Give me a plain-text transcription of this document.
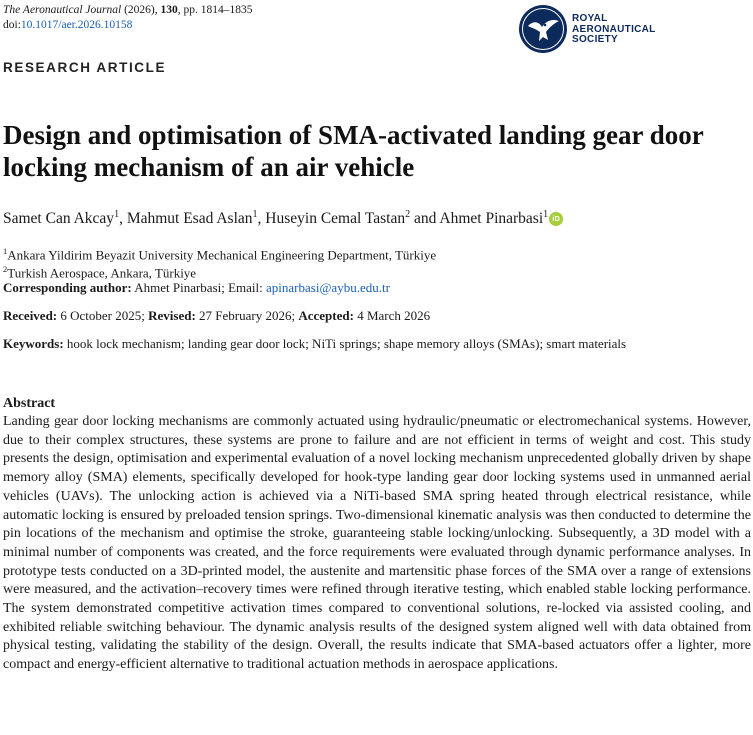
The Aeronautical Journal (2026), 130, pp. 1814–1835
doi:10.1017/aer.2026.10158
ROYAL
AERONAUTICAL
SOCIETY
RESEARCH ARTICLE
Design and optimisation of SMA-activated landing gear door locking mechanism of an air vehicle
Samet Can Akcay$^1$, Mahmut Esad Aslan$^1$, Huseyin Cemal Tastan$^2$ and Ahmet Pinarbasi$^1$ iD
$^1$Ankara Yildirim Beyazit University Mechanical Engineering Department, Türkiye
$^2$Turkish Aerospace, Ankara, Türkiye
Corresponding author: Ahmet Pinarbasi; Email: apinarbasi@aybu.edu.tr
Received: 6 October 2025; Revised: 27 February 2026; Accepted: 4 March 2026
Keywords: hook lock mechanism; landing gear door lock; NiTi springs; shape memory alloys (SMAs); smart materials
Abstract
Landing gear door locking mechanisms are commonly actuated using hydraulic/pneumatic or electromechanical systems. However, due to their complex structures, these systems are prone to failure and are not efficient in terms of weight and cost. This study presents the design, optimisation and experimental evaluation of a novel locking mechanism unprecedented globally driven by shape memory alloy (SMA) elements, specifically developed for hook-type landing gear door locking systems used in unmanned aerial vehicles (UAVs). The unlocking action is achieved via a NiTi-based SMA spring heated through electrical resistance, while automatic locking is ensured by preloaded tension springs. Two-dimensional kinematic analysis was then conducted to determine the pin locations of the mechanism and optimise the stroke, guaranteeing stable locking/unlocking. Subsequently, a 3D model with a minimal number of components was created, and the force requirements were evaluated through dynamic performance analyses. In prototype tests conducted on a 3D-printed model, the austenite and martensitic phase forces of the SMA over a range of extensions were measured, and the activation–recovery times were refined through iterative testing, which enabled stable locking performance. The system demonstrated competitive activation times compared to conventional solutions, re-locked via assisted cooling, and exhibited reliable switching behaviour. The dynamic analysis results of the designed system aligned well with data obtained from physical testing, validating the stability of the design. Overall, the results indicate that SMA-based actuators offer a lighter, more compact and energy-efficient alternative to traditional actuation methods in aerospace applications.
